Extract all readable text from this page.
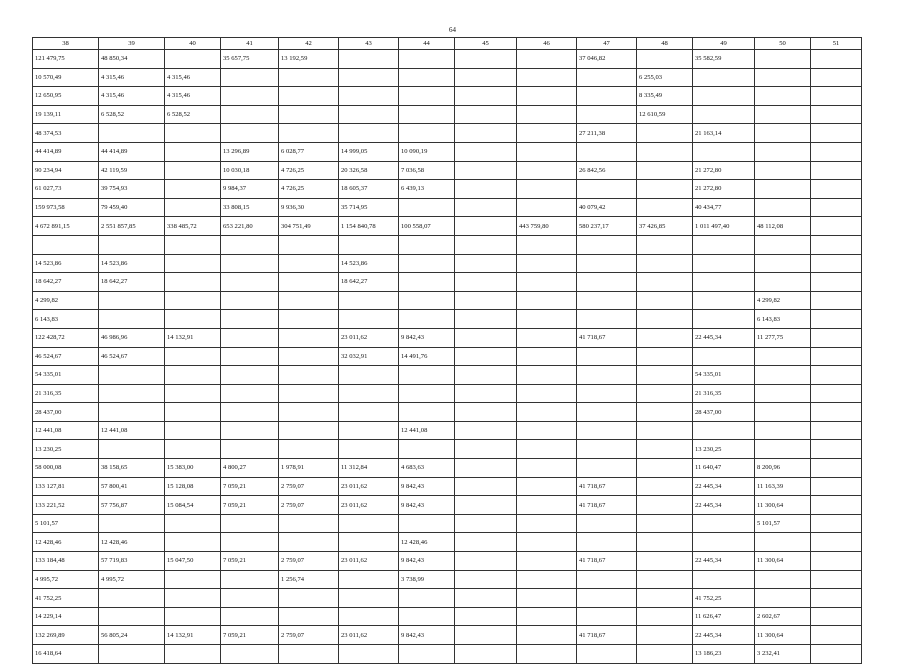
64
38	39	40	41	42	43	44	45	46	47	48	49	50	51
121 479,75	48 850,34		35 657,75	13 192,59					37 046,82		35 582,59		
10 570,49	4 315,46	4 315,46								6 255,03			
12 650,95	4 315,46	4 315,46								8 335,49			
19 139,11	6 528,52	6 528,52								12 610,59			
48 374,53									27 211,38		21 163,14		
44 414,89	44 414,89		13 296,89	6 028,77	14 999,05	10 090,19							
90 234,94	42 119,59		10 030,18	4 726,25	20 326,58	7 036,58			26 842,56		21 272,80		
61 027,73	39 754,93		9 984,37	4 726,25	18 605,37	6 439,13					21 272,80		
159 973,58	79 459,40		33 808,15	9 936,30	35 714,95				40 079,42		40 434,77		
4 672 891,15	2 551 857,85	338 485,72	653 221,80	304 751,49	1 154 840,78	100 558,07		443 759,80	580 237,17	37 426,85	1 011 497,40	48 112,08	

14 523,86	14 523,86				14 523,86								
18 642,27	18 642,27				18 642,27								
4 299,82												4 299,82	
6 143,83												6 143,83	
122 428,72	46 986,96	14 132,91			23 011,62	9 842,43			41 718,67		22 445,34	11 277,75	
46 524,67	46 524,67				32 032,91	14 491,76							
54 335,01											54 335,01		
21 316,35											21 316,35		
28 437,00											28 437,00		
12 441,08	12 441,08					12 441,08							
13 230,25											13 230,25		
58 000,08	38 158,65	15 383,00	4 800,27	1 978,91	11 312,84	4 683,63					11 640,47	8 200,96	
133 127,81	57 800,41	15 128,08	7 059,21	2 759,07	23 011,62	9 842,43			41 718,67		22 445,34	11 163,39	
133 221,52	57 756,87	15 084,54	7 059,21	2 759,07	23 011,62	9 842,43			41 718,67		22 445,34	11 300,64	
5 101,57												5 101,57	
12 428,46	12 428,46					12 428,46							
133 184,48	57 719,83	15 047,50	7 059,21	2 759,07	23 011,62	9 842,43			41 718,67		22 445,34	11 300,64	
4 995,72	4 995,72			1 256,74		3 738,99							
41 752,25											41 752,25		
14 229,14											11 626,47	2 602,67	
132 269,89	56 805,24	14 132,91	7 059,21	2 759,07	23 011,62	9 842,43			41 718,67		22 445,34	11 300,64	
16 418,64											13 186,23	3 232,41	
